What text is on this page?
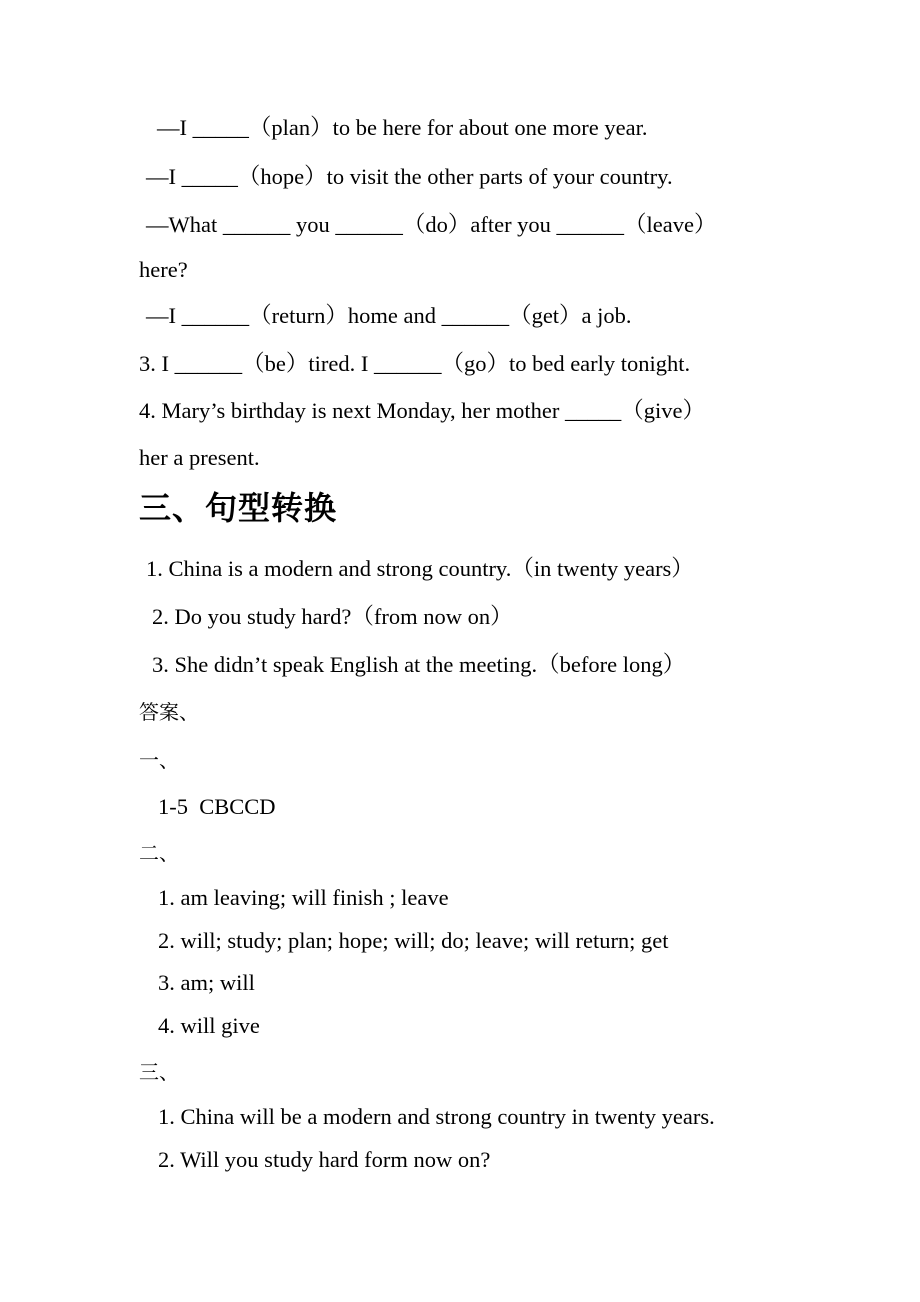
—I _____（plan）to be here for about one more year.
—I _____（hope）to visit the other parts of your country.
—What ______ you ______（do）after you ______（leave）
here?
—I ______（return）home and ______（get）a job.
3. I ______（be）tired. I ______（go）to bed early tonight.
4. Mary’s birthday is next Monday, her mother _____（give）
her a present.
三、句型转换
1. China is a modern and strong country.（in twenty years）
2. Do you study hard?（from now on）
3. She didn’t speak English at the meeting.（before long）
答案、
一、
1-5  CBCCD
二、
1. am leaving; will finish ; leave
2. will; study; plan; hope; will; do; leave; will return; get
3. am; will
4. will give
三、
1. China will be a modern and strong country in twenty years.
2. Will you study hard form now on?
